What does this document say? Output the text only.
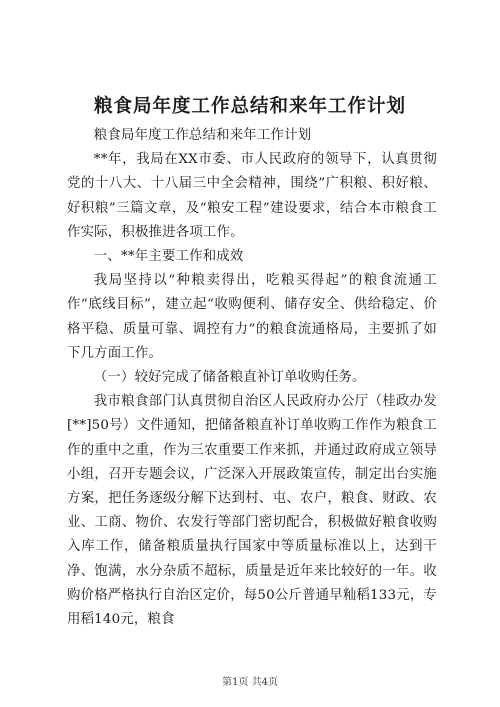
粮食局年度工作总结和来年工作计划

粮食局年度工作总结和来年工作计划

**年，我局在XX市委、市人民政府的领导下，认真贯彻党的十八大、十八届三中全会精神，围绕”广积粮、积好粮、好积粮”三篇文章，及“粮安工程”建设要求，结合本市粮食工作实际，积极推进各项工作。

一、**年主要工作和成效

我局坚持以“种粮卖得出，吃粮买得起”的粮食流通工作“底线目标”，建立起“收购便利、储存安全、供给稳定、价格平稳、质量可靠、调控有力”的粮食流通格局，主要抓了如下几方面工作。

（一）较好完成了储备粮直补订单收购任务。

我市粮食部门认真贯彻自治区人民政府办公厅（桂政办发[**]50号）文件通知，把储备粮直补订单收购工作作为粮食工作的重中之重，作为三农重要工作来抓，并通过政府成立领导小组，召开专题会议，广泛深入开展政策宣传，制定出台实施方案，把任务逐级分解下达到村、屯、农户，粮食、财政、农业、工商、物价、农发行等部门密切配合，积极做好粮食收购入库工作，储备粮质量执行国家中等质量标准以上，达到干净、饱满，水分杂质不超标，质量是近年来比较好的一年。收购价格严格执行自治区定价，每50公斤普通早籼稻133元，专用稻140元，粮食

第1页 共4页
